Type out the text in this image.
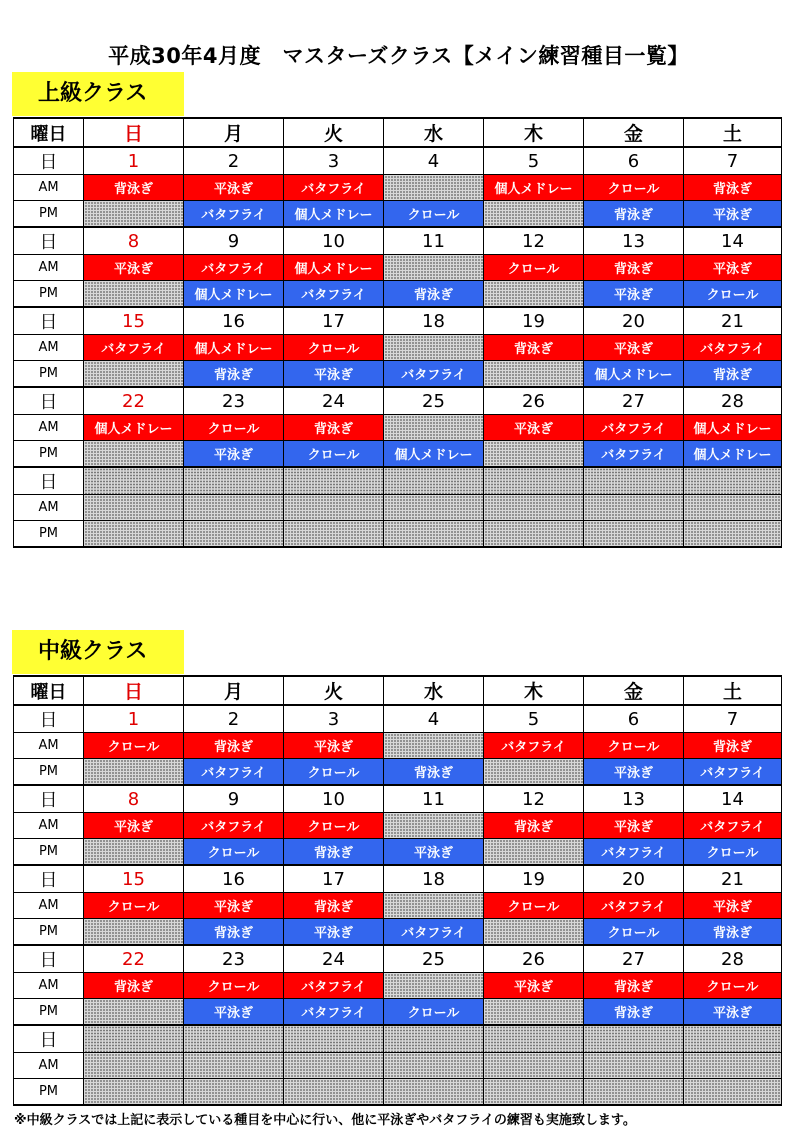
平成30年4月度　マスターズクラス【メイン練習種目一覧】
上級クラス
曜日	日	月	火	水	木	金	土
日	1	2	3	4	5	6	7
AM	背泳ぎ	平泳ぎ	バタフライ		個人メドレー	クロール	背泳ぎ
PM		バタフライ	個人メドレー	クロール		背泳ぎ	平泳ぎ
日	8	9	10	11	12	13	14
AM	平泳ぎ	バタフライ	個人メドレー		クロール	背泳ぎ	平泳ぎ
PM		個人メドレー	バタフライ	背泳ぎ		平泳ぎ	クロール
日	15	16	17	18	19	20	21
AM	バタフライ	個人メドレー	クロール		背泳ぎ	平泳ぎ	バタフライ
PM		背泳ぎ	平泳ぎ	バタフライ		個人メドレー	背泳ぎ
日	22	23	24	25	26	27	28
AM	個人メドレー	クロール	背泳ぎ		平泳ぎ	バタフライ	個人メドレー
PM		平泳ぎ	クロール	個人メドレー		バタフライ	個人メドレー
日							
AM							
PM							
中級クラス
曜日	日	月	火	水	木	金	土
日	1	2	3	4	5	6	7
AM	クロール	背泳ぎ	平泳ぎ		バタフライ	クロール	背泳ぎ
PM		バタフライ	クロール	背泳ぎ		平泳ぎ	バタフライ
日	8	9	10	11	12	13	14
AM	平泳ぎ	バタフライ	クロール		背泳ぎ	平泳ぎ	バタフライ
PM		クロール	背泳ぎ	平泳ぎ		バタフライ	クロール
日	15	16	17	18	19	20	21
AM	クロール	平泳ぎ	背泳ぎ		クロール	バタフライ	平泳ぎ
PM		背泳ぎ	平泳ぎ	バタフライ		クロール	背泳ぎ
日	22	23	24	25	26	27	28
AM	背泳ぎ	クロール	バタフライ		平泳ぎ	背泳ぎ	クロール
PM		平泳ぎ	バタフライ	クロール		背泳ぎ	平泳ぎ
日							
AM							
PM							
※中級クラスでは上記に表示している種目を中心に行い、他に平泳ぎやバタフライの練習も実施致します。
